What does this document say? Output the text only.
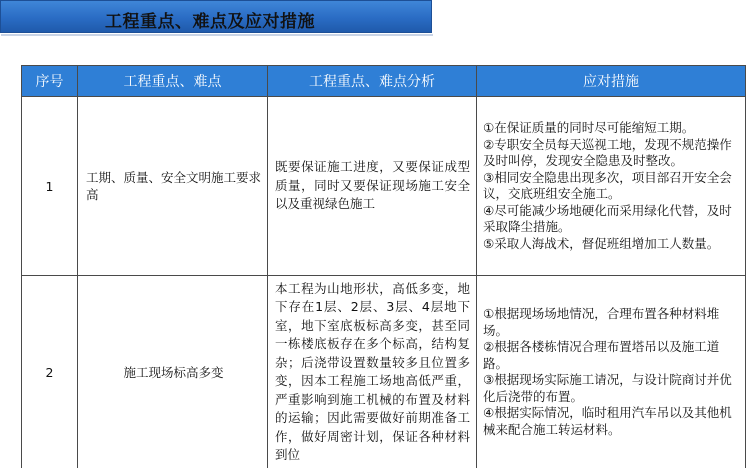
工程重点、难点及应对措施
序号	工程重点、难点	工程重点、难点分析	应对措施
1	工期、质量、安全文明施工要求高	既要保证施工进度，又要保证成型质量，同时又要保证现场施工安全以及重视绿色施工	①在保证质量的同时尽可能缩短工期。
②专职安全员每天巡视工地，发现不规范操作及时叫停，发现安全隐患及时整改。
③相同安全隐患出现多次，项目部召开安全会议，交底班组安全施工。
④尽可能减少场地硬化而采用绿化代替，及时采取降尘措施。
⑤采取人海战术，督促班组增加工人数量。

2	施工现场标高多变	本工程为山地形状，高低多变，地下存在1层、2层、3层、4层地下室，地下室底板标高多变，甚至同一栋楼底板存在多个标高，结构复杂；后浇带设置数量较多且位置多变，因本工程施工场地高低严重，严重影响到施工机械的布置及材料的运输；因此需要做好前期准备工作，做好周密计划，保证各种材料到位	①根据现场场地情况，合理布置各种材料堆场。
②根据各楼栋情况合理布置塔吊以及施工道路。
③根据现场实际施工请况，与设计院商讨并优化后浇带的布置。
④根据实际情况，临时租用汽车吊以及其他机械来配合施工转运材料。
